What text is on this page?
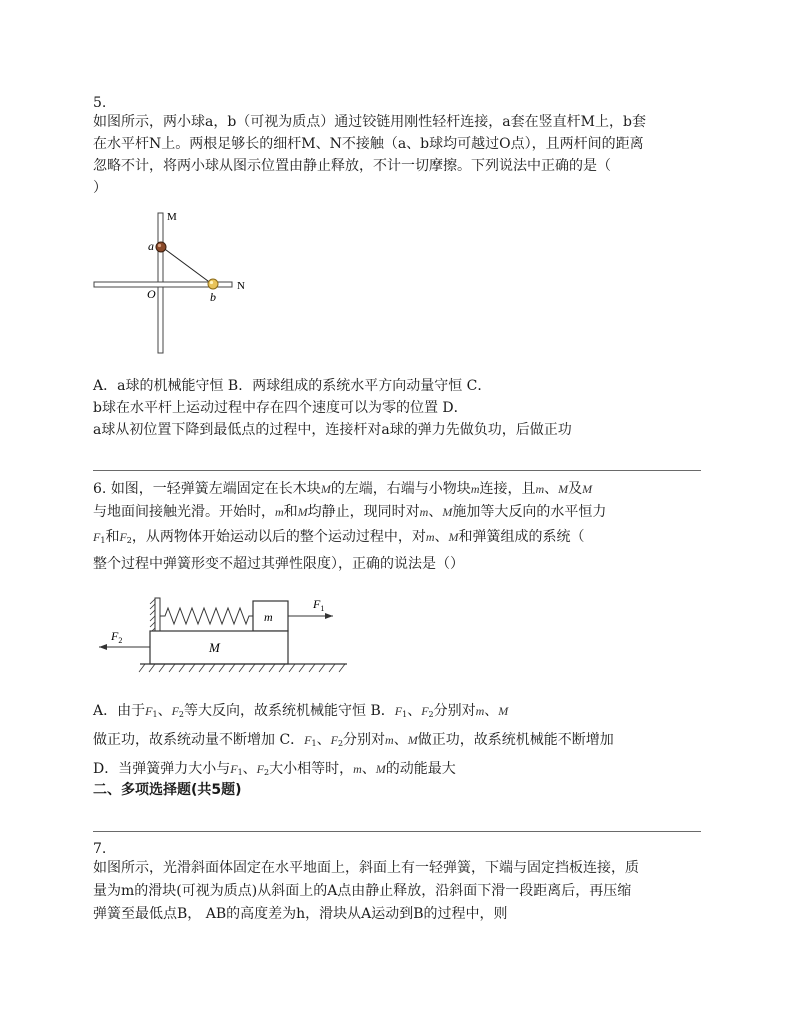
5.
如图所示，两小球a，b（可视为质点）通过铰链用刚性轻杆连接，a套在竖直杆M上，b套
在水平杆N上。两根足够长的细杆M、N不接触（a、b球均可越过O点），且两杆间的距离
忽略不计，将两小球从图示位置由静止释放，不计一切摩擦。下列说法中正确的是（
）
M
N
O
a
b
A．a球的机械能守恒 B．两球组成的系统水平方向动量守恒 C．
b球在水平杆上运动过程中存在四个速度可以为零的位置 D．
a球从初位置下降到最低点的过程中，连接杆对a球的弹力先做负功，后做正功
6. 如图，一轻弹簧左端固定在长木块M的左端，右端与小物块m连接，且m、M及M
与地面间接触光滑。开始时，m和M均静止，现同时对m、M施加等大反向的水平恒力
$F_1$和$F_2$，从两物体开始运动以后的整个运动过程中，对m、M和弹簧组成的系统（
整个过程中弹簧形变不超过其弹性限度），正确的说法是（）
m
M
$F_1$
$F_2$
A．由于$F_1$、$F_2$等大反向，故系统机械能守恒 B．$F_1$、$F_2$分别对m、M
做正功，故系统动量不断增加 C．$F_1$、$F_2$分别对m、M做正功，故系统机械能不断增加
D．当弹簧弹力大小与$F_1$、$F_2$大小相等时，m、M的动能最大
二、多项选择题(共5题)
7.
如图所示，光滑斜面体固定在水平地面上，斜面上有一轻弹簧，下端与固定挡板连接，质
量为m的滑块(可视为质点)从斜面上的A点由静止释放，沿斜面下滑一段距离后，再压缩
弹簧至最低点B， AB的高度差为h，滑块从A运动到B的过程中，则
